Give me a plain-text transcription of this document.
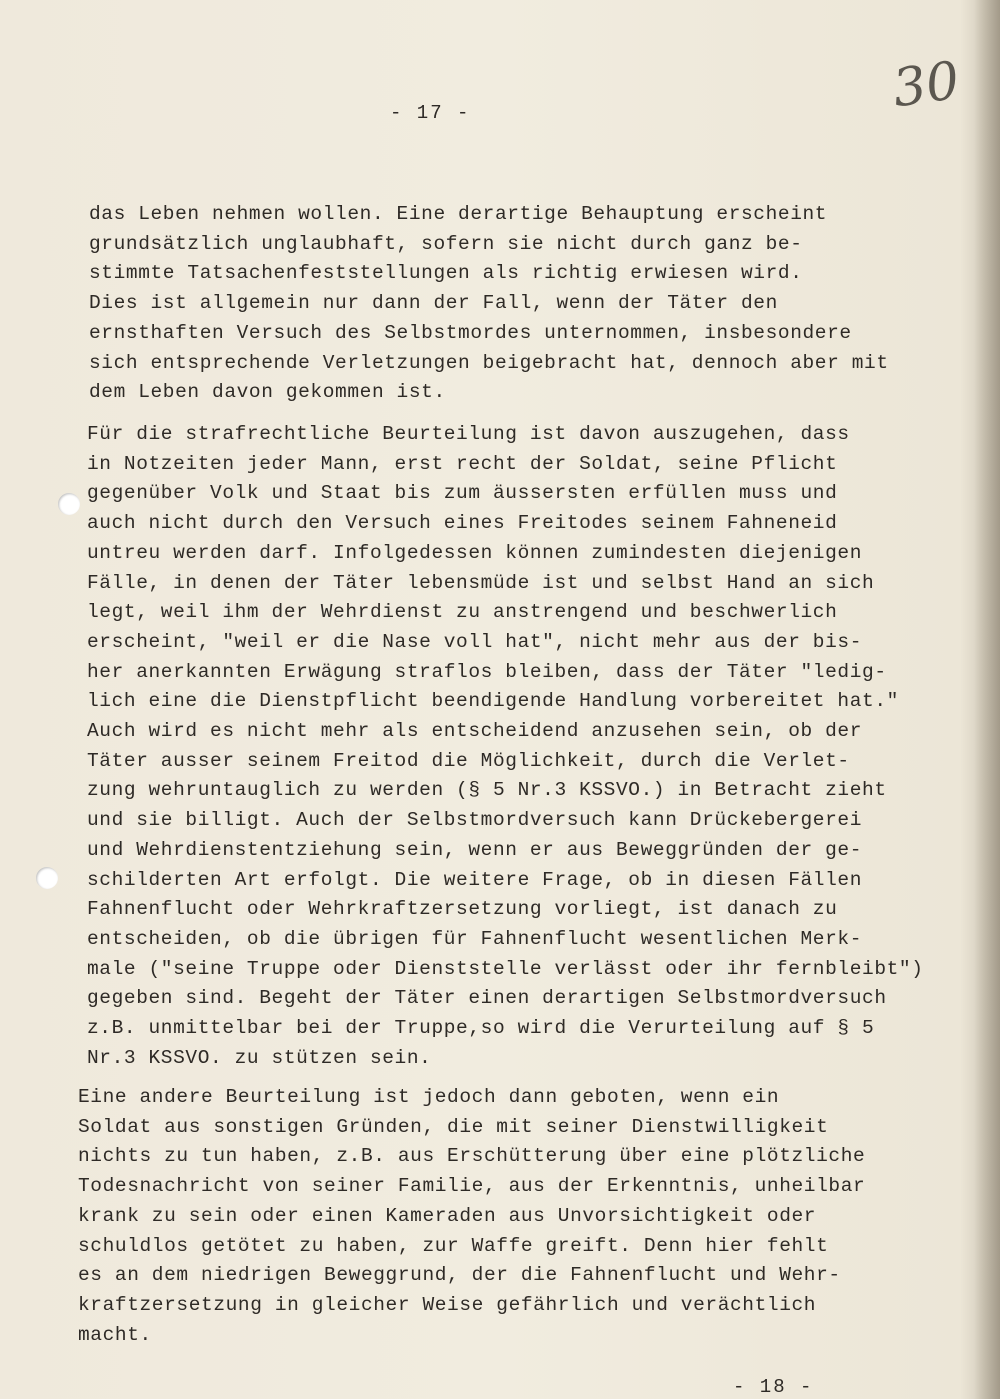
- 17 -	30
das Leben nehmen wollen. Eine derartige Behauptung erscheint
grundsätzlich unglaubhaft, sofern sie nicht durch ganz be-
stimmte Tatsachenfeststellungen als richtig erwiesen wird.
Dies ist allgemein nur dann der Fall, wenn der Täter den
ernsthaften Versuch des Selbstmordes unternommen, insbesondere
sich entsprechende Verletzungen beigebracht hat, dennoch aber mit
dem Leben davon gekommen ist.
Für die strafrechtliche Beurteilung ist davon auszugehen, dass
in Notzeiten jeder Mann, erst recht der Soldat, seine Pflicht
gegenüber Volk und Staat bis zum äussersten erfüllen muss und
auch nicht durch den Versuch eines Freitodes seinem Fahneneid
untreu werden darf. Infolgedessen können zumindesten diejenigen
Fälle, in denen der Täter lebensmüde ist und selbst Hand an sich
legt, weil ihm der Wehrdienst zu anstrengend und beschwerlich
erscheint, "weil er die Nase voll hat", nicht mehr aus der bis-
her anerkannten Erwägung straflos bleiben, dass der Täter "ledig-
lich eine die Dienstpflicht beendigende Handlung vorbereitet hat."
Auch wird es nicht mehr als entscheidend anzusehen sein, ob der
Täter ausser seinem Freitod die Möglichkeit, durch die Verlet-
zung wehruntauglich zu werden (§ 5 Nr.3 KSSVO.) in Betracht zieht
und sie billigt. Auch der Selbstmordversuch kann Drückebergerei
und Wehrdienstentziehung sein, wenn er aus Beweggründen der ge-
schilderten Art erfolgt. Die weitere Frage, ob in diesen Fällen
Fahnenflucht oder Wehrkraftzersetzung vorliegt, ist danach zu
entscheiden, ob die übrigen für Fahnenflucht wesentlichen Merk-
male ("seine Truppe oder Dienststelle verlässt oder ihr fernbleibt")
gegeben sind. Begeht der Täter einen derartigen Selbstmordversuch
z.B. unmittelbar bei der Truppe,so wird die Verurteilung auf § 5
Nr.3 KSSVO. zu stützen sein.
Eine andere Beurteilung ist jedoch dann geboten, wenn ein
Soldat aus sonstigen Gründen, die mit seiner Dienstwilligkeit
nichts zu tun haben, z.B. aus Erschütterung über eine plötzliche
Todesnachricht von seiner Familie, aus der Erkenntnis, unheilbar
krank zu sein oder einen Kameraden aus Unvorsichtigkeit oder
schuldlos getötet zu haben, zur Waffe greift. Denn hier fehlt
es an dem niedrigen Beweggrund, der die Fahnenflucht und Wehr-
kraftzersetzung in gleicher Weise gefährlich und verächtlich
macht.
- 18 -
